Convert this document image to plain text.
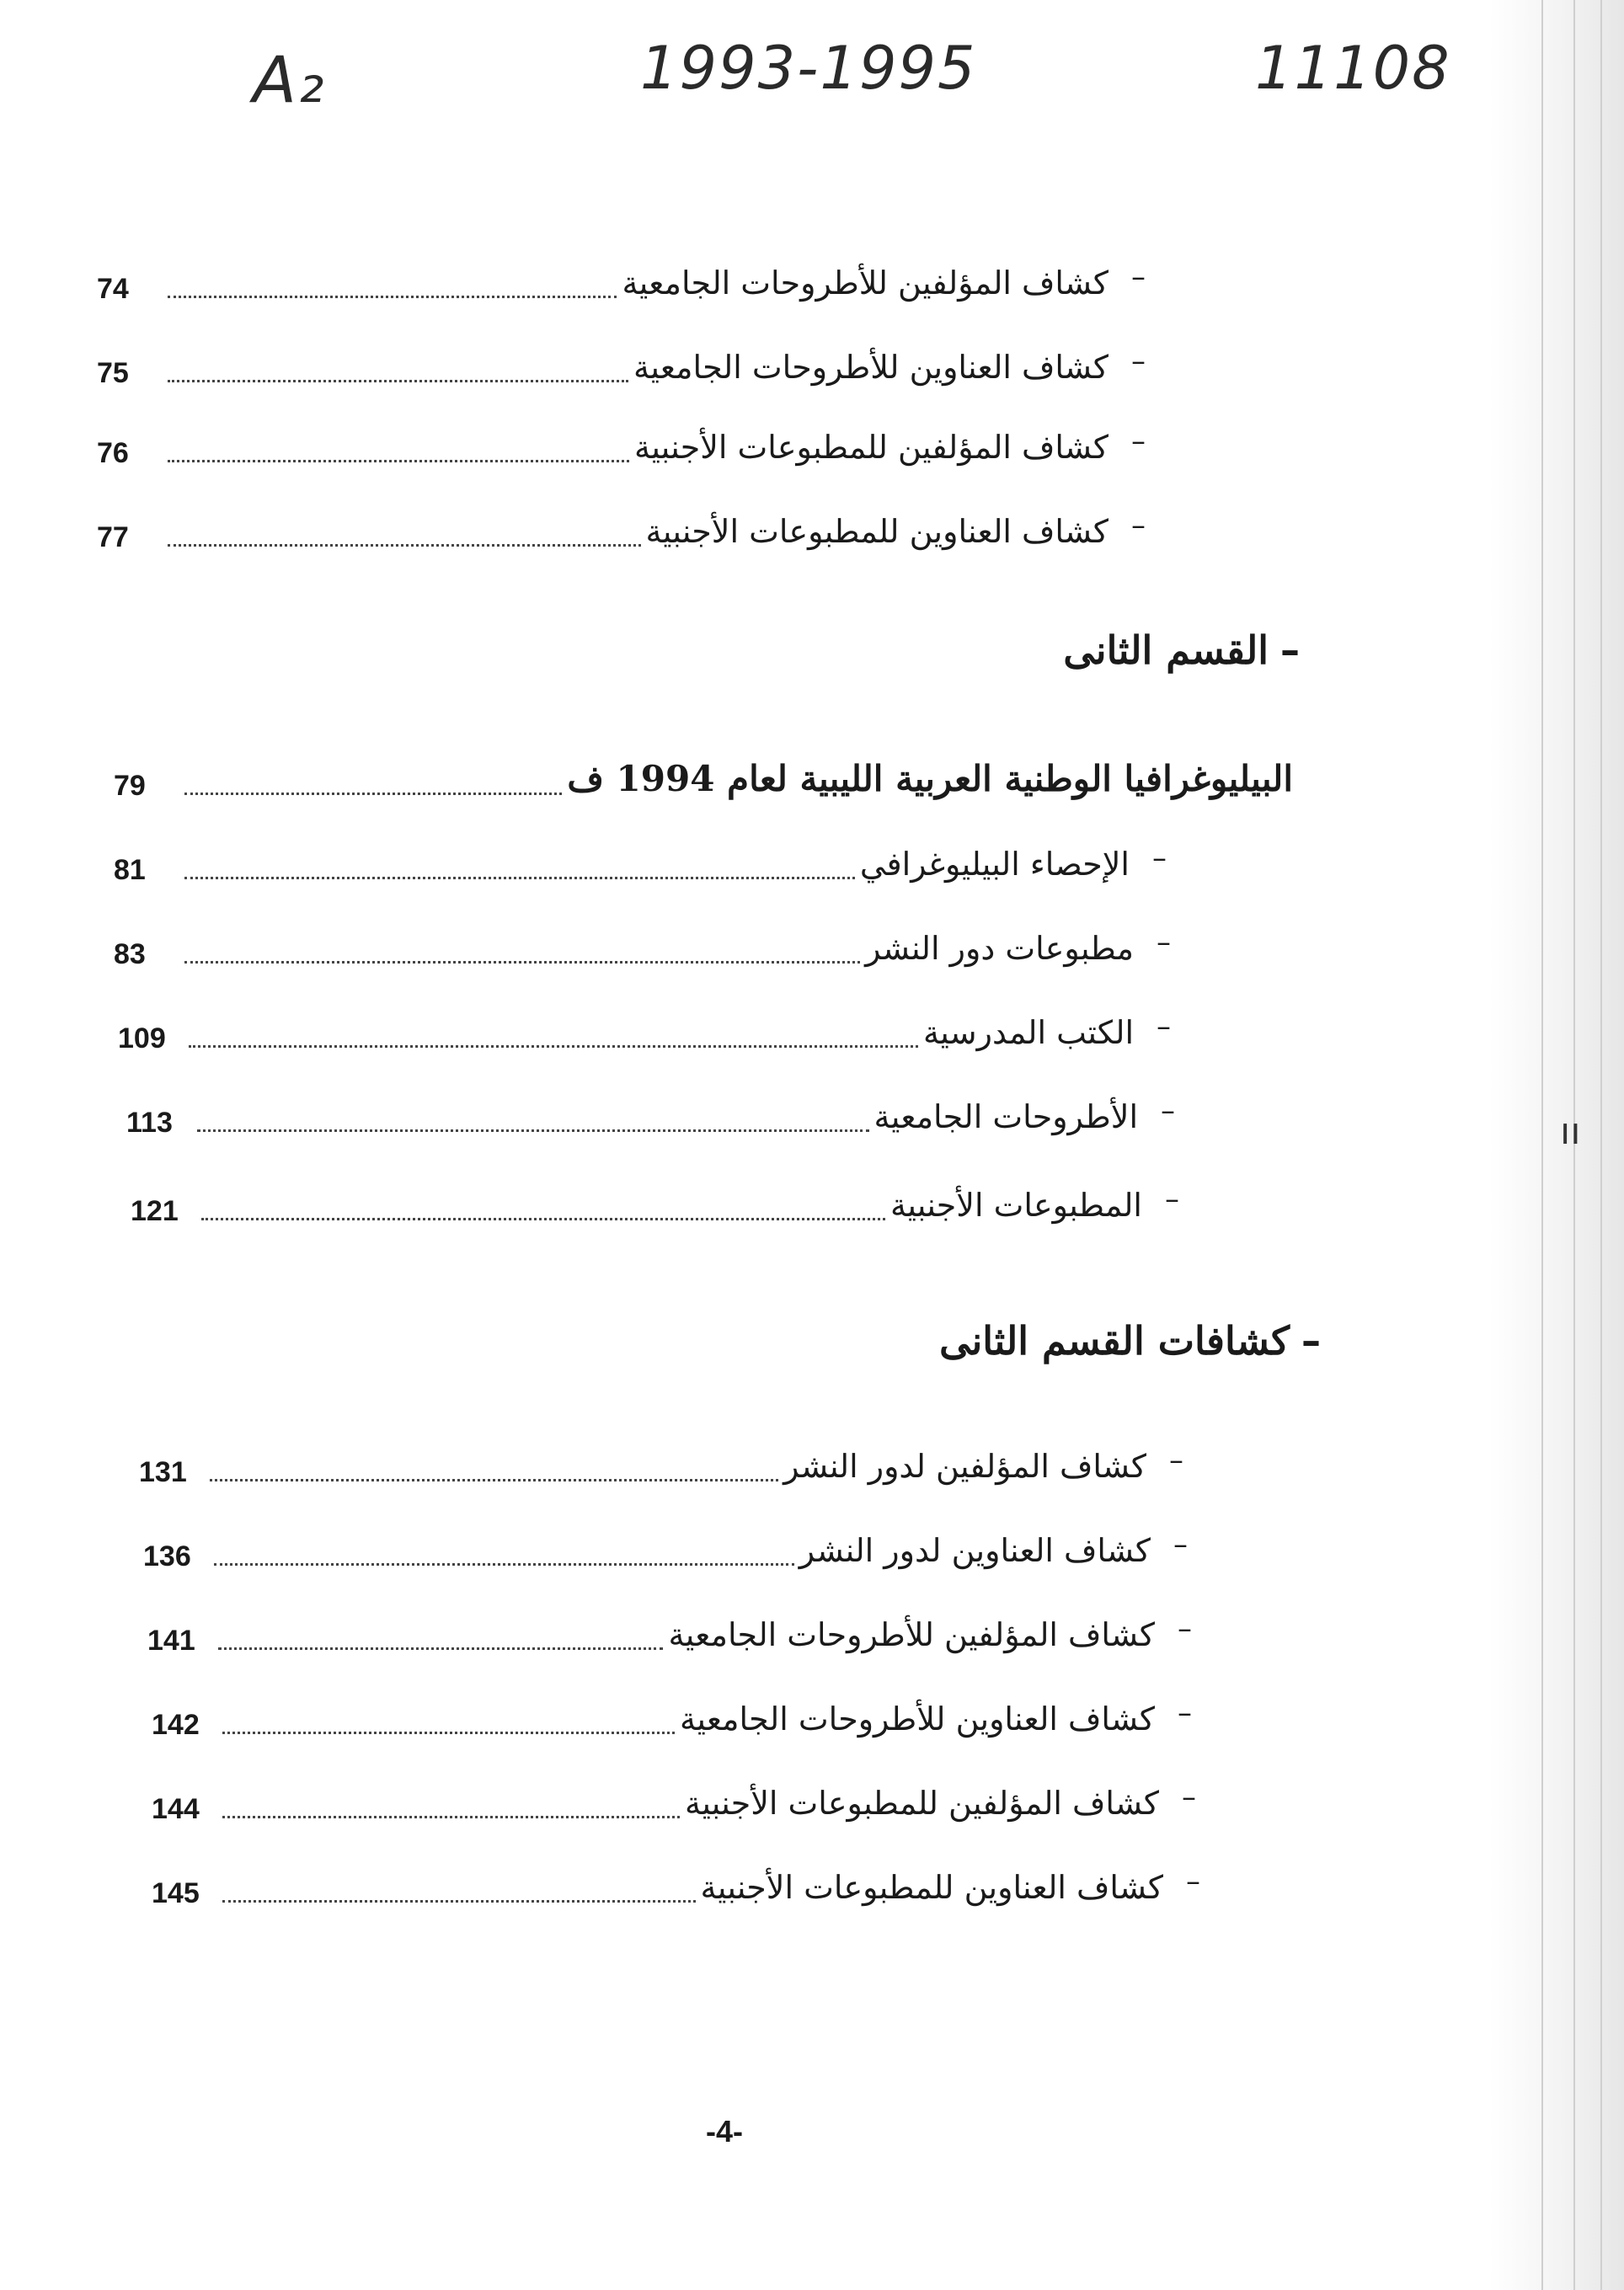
A₂	1993-1995	11108
ıı
–
كشاف المؤلفين للأطروحات الجامعية
74
–
كشاف العناوين للأطروحات الجامعية
75
–
كشاف المؤلفين للمطبوعات الأجنبية
76
–
كشاف العناوين للمطبوعات الأجنبية
77
–القسم الثانى
البيليوغرافيا الوطنية العربية الليبية لعام 1994 ف
79
–
الإحصاء البيليوغرافي
81
–
مطبوعات دور النشر
83
–
الكتب المدرسية
109
–
الأطروحات الجامعية
113
–
المطبوعات الأجنبية
121
–كشافات القسم الثانى
–
كشاف المؤلفين لدور النشر
131
–
كشاف العناوين لدور النشر
136
–
كشاف المؤلفين للأطروحات الجامعية
141
–
كشاف العناوين للأطروحات الجامعية
142
–
كشاف المؤلفين للمطبوعات الأجنبية
144
–
كشاف العناوين للمطبوعات الأجنبية
145
-4-
